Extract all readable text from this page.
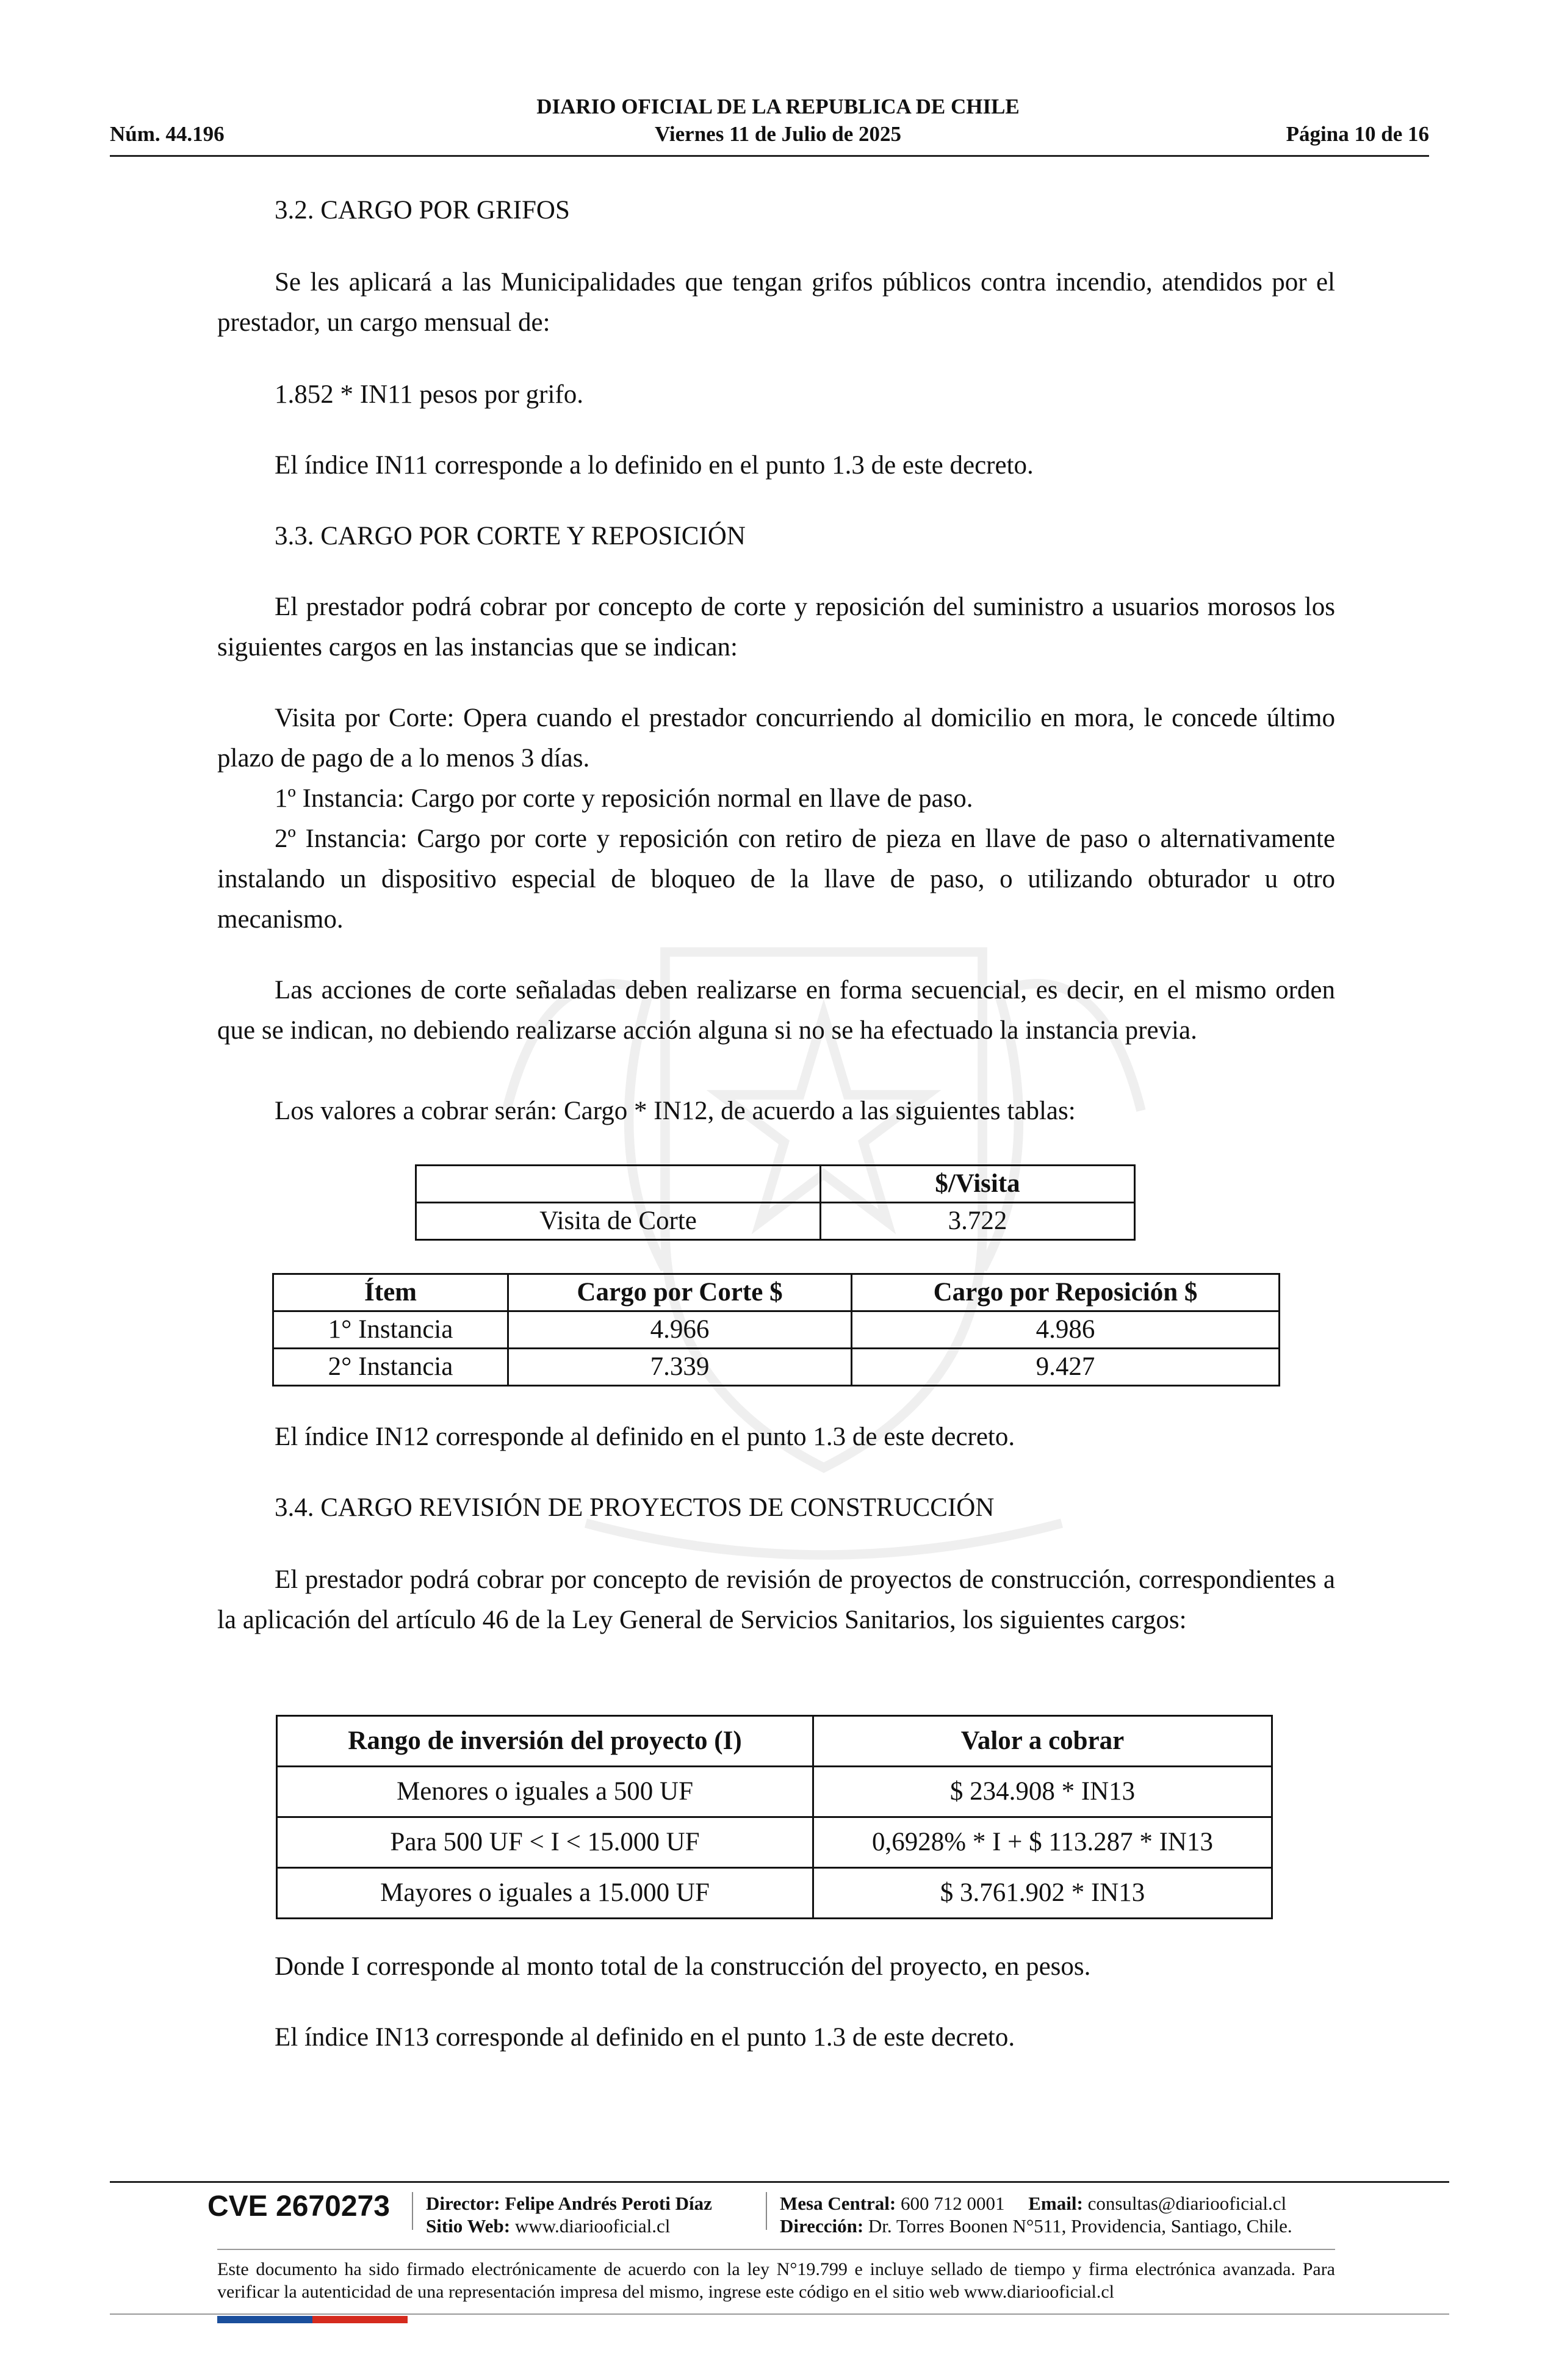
DIARIO OFICIAL DE LA REPUBLICA DE CHILE
Núm. 44.196	Viernes 11 de Julio de 2025	Página 10 de 16

3.2. CARGO POR GRIFOS

Se les aplicará a las Municipalidades que tengan grifos públicos contra incendio, atendidos por el prestador, un cargo mensual de:

1.852 * IN11 pesos por grifo.

El índice IN11 corresponde a lo definido en el punto 1.3 de este decreto.

3.3. CARGO POR CORTE Y REPOSICIÓN

El prestador podrá cobrar por concepto de corte y reposición del suministro a usuarios morosos los siguientes cargos en las instancias que se indican:

Visita por Corte: Opera cuando el prestador concurriendo al domicilio en mora, le concede último plazo de pago de a lo menos 3 días.

1º Instancia: Cargo por corte y reposición normal en llave de paso.

2º Instancia: Cargo por corte y reposición con retiro de pieza en llave de paso o alternativamente instalando un dispositivo especial de bloqueo de la llave de paso, o utilizando obturador u otro mecanismo.

Las acciones de corte señaladas deben realizarse en forma secuencial, es decir, en el mismo orden que se indican, no debiendo realizarse acción alguna si no se ha efectuado la instancia previa.

Los valores a cobrar serán: Cargo * IN12, de acuerdo a las siguientes tablas:

	$/Visita
Visita de Corte	3.722
Ítem	Cargo por Corte $	Cargo por Reposición $
1° Instancia	4.966	4.986
2° Instancia	7.339	9.427

El índice IN12 corresponde al definido en el punto 1.3 de este decreto.

3.4. CARGO REVISIÓN DE PROYECTOS DE CONSTRUCCIÓN

El prestador podrá cobrar por concepto de revisión de proyectos de construcción, correspondientes a la aplicación del artículo 46 de la Ley General de Servicios Sanitarios, los siguientes cargos:

Rango de inversión del proyecto (I)	Valor a cobrar
Menores o iguales a 500 UF	$ 234.908 * IN13
Para 500 UF < I < 15.000 UF	0,6928% * I + $ 113.287 * IN13
Mayores o iguales a 15.000 UF	$ 3.761.902 * IN13

Donde I corresponde al monto total de la construcción del proyecto, en pesos.

El índice IN13 corresponde al definido en el punto 1.3 de este decreto.

CVE 2670273 Director: Felipe Andrés Peroti Díaz
Sitio Web: www.diariooficial.cl
Mesa Central: 600 712 0001 Email: consultas@diariooficial.cl
Dirección: Dr. Torres Boonen N°511, Providencia, Santiago, Chile.

Este documento ha sido firmado electrónicamente de acuerdo con la ley N°19.799 e incluye sellado de tiempo y firma electrónica avanzada. Para verificar la autenticidad de una representación impresa del mismo, ingrese este código en el sitio web www.diariooficial.cl
